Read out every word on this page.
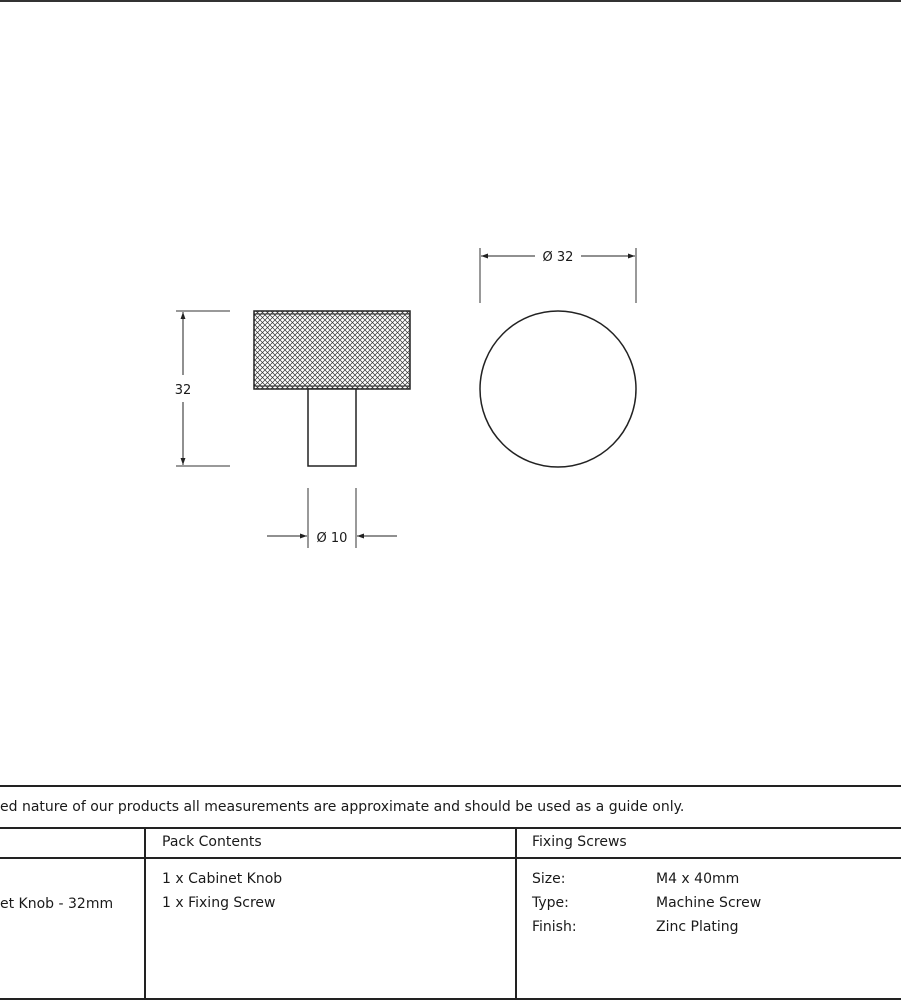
32
Ø 10
Ø 32
ed nature of our products all measurements are approximate and should be used as a guide only.
et Knob - 32mm
Pack Contents
1 x Cabinet Knob
1 x Fixing Screw
Fixing Screws
Size:	M4 x 40mm
Type:	Machine Screw
Finish:	Zinc Plating
